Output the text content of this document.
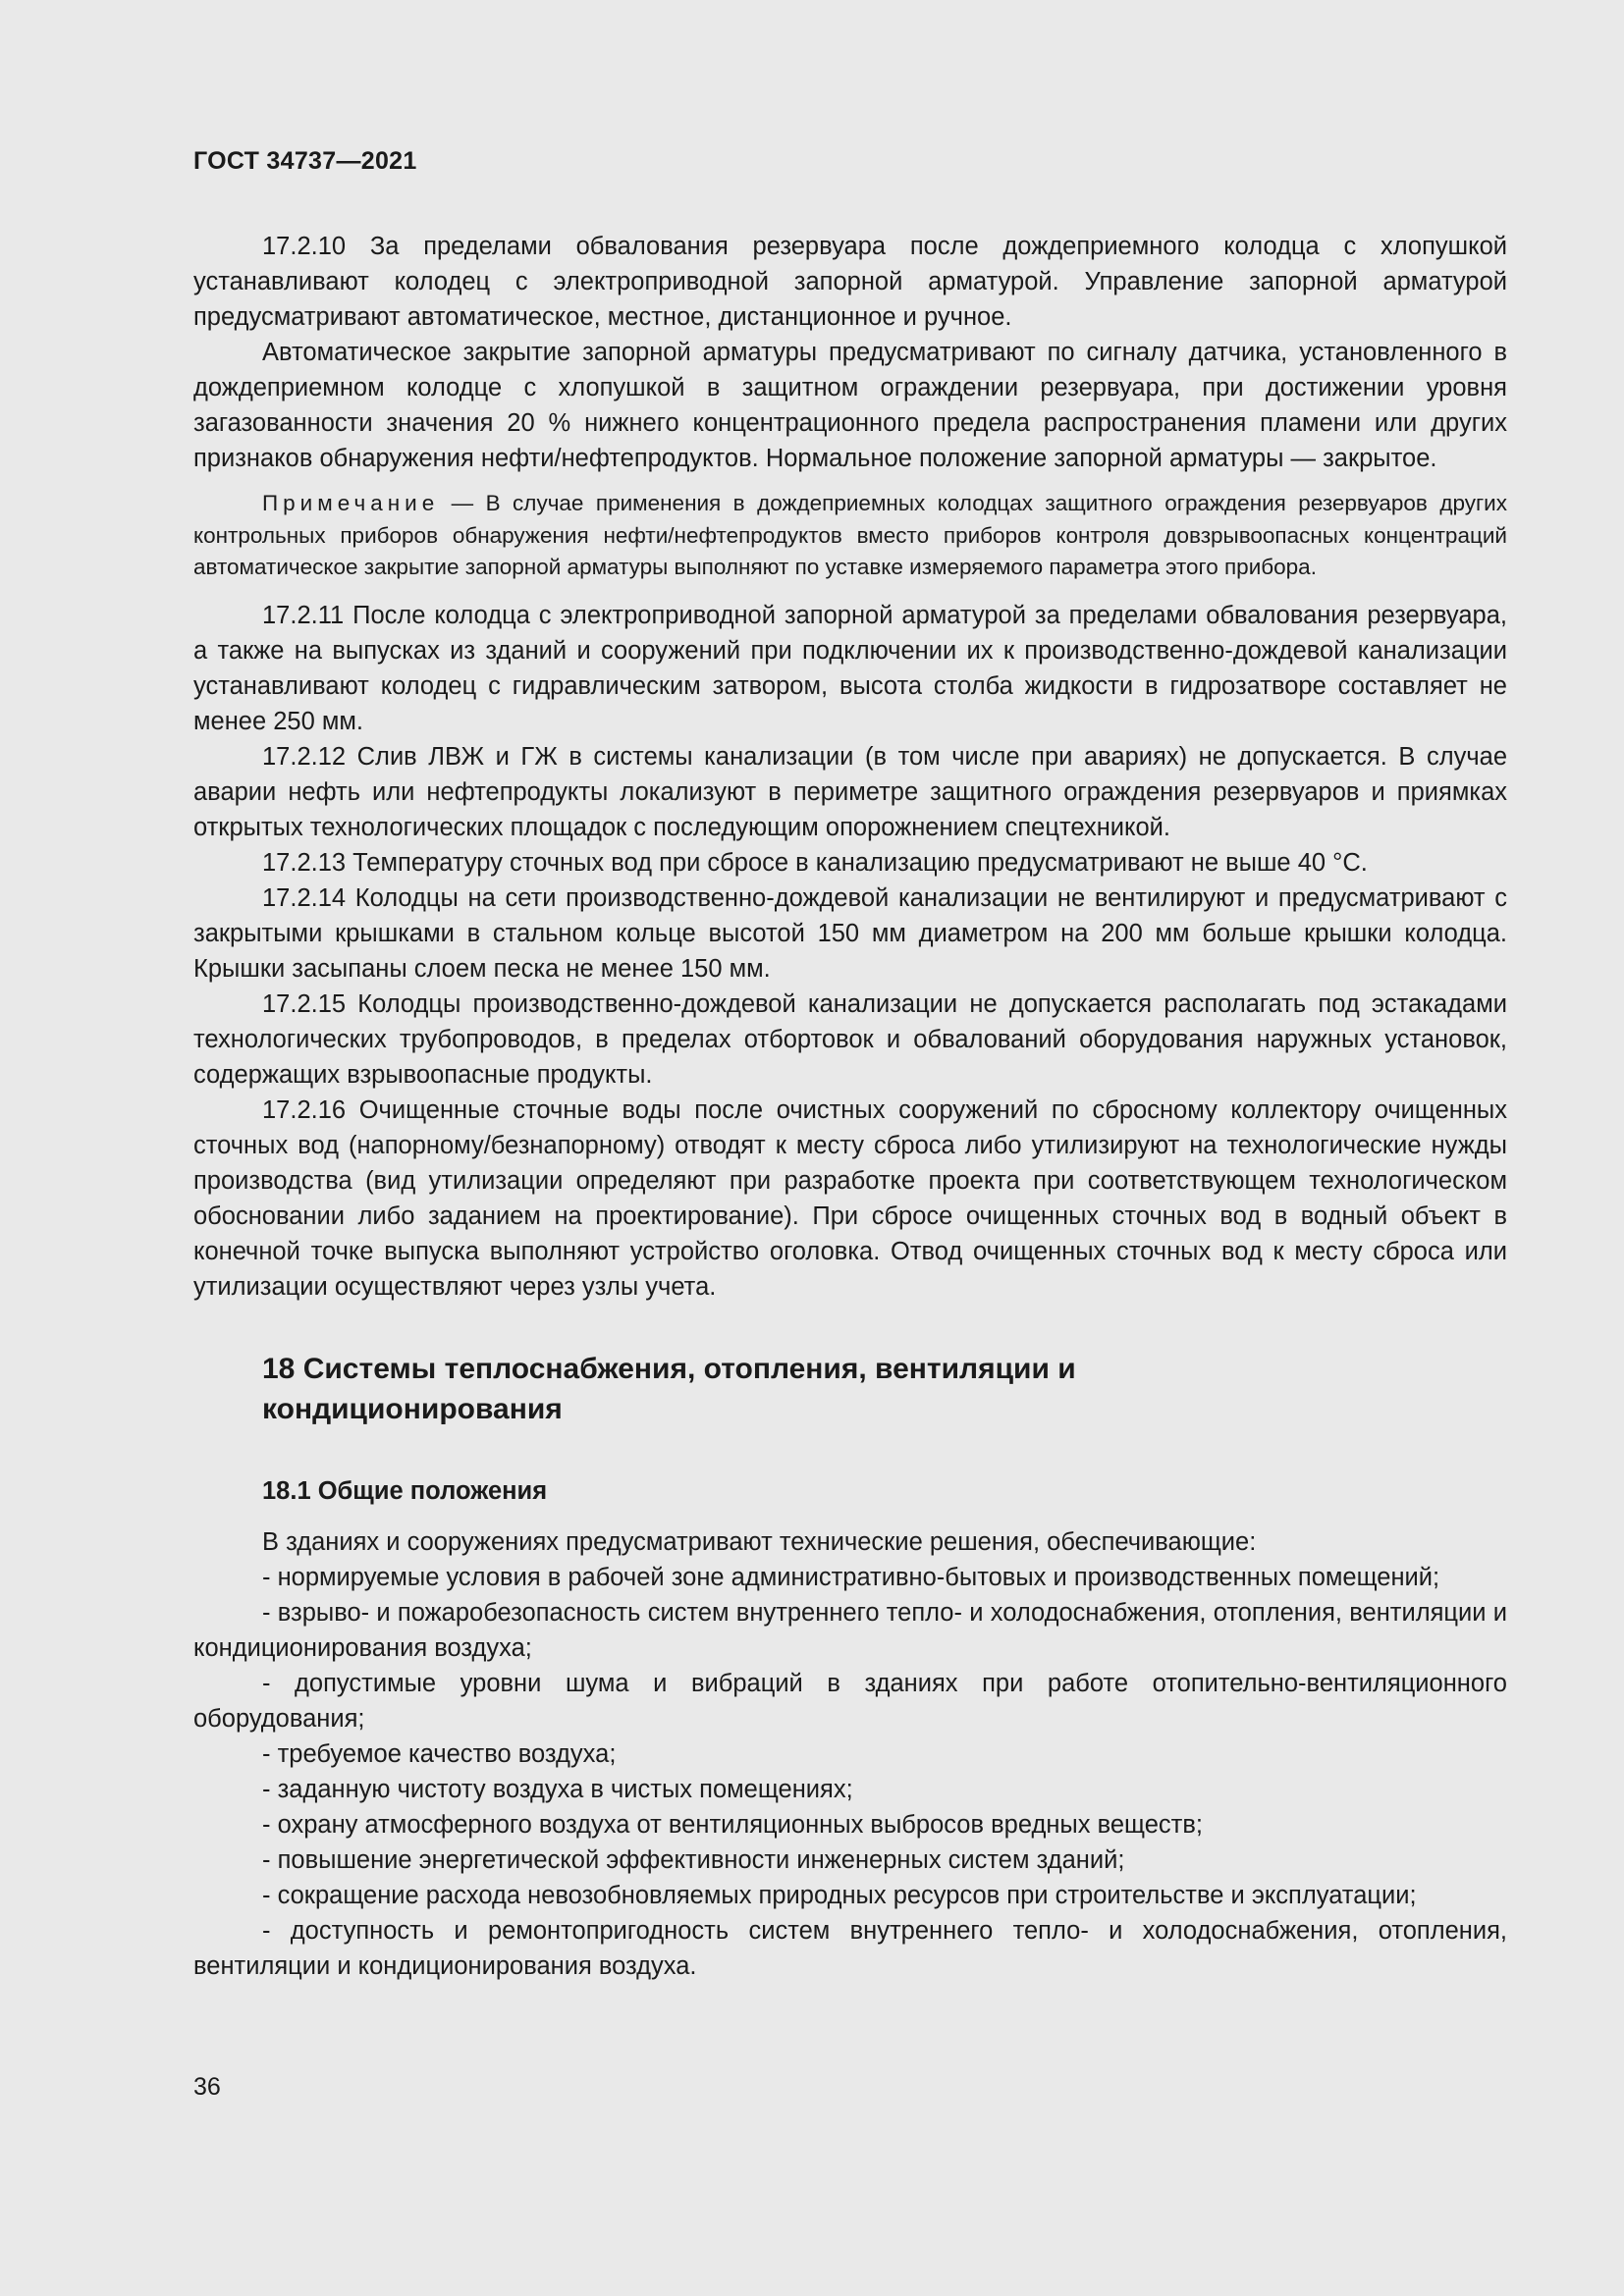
ГОСТ 34737—2021

17.2.10 За пределами обвалования резервуара после дождеприемного колодца с хлопушкой устанавливают колодец с электроприводной запорной арматурой. Управление запорной арматурой предусматривают автоматическое, местное, дистанционное и ручное.

Автоматическое закрытие запорной арматуры предусматривают по сигналу датчика, установленного в дождеприемном колодце с хлопушкой в защитном ограждении резервуара, при достижении уровня загазованности значения 20 % нижнего концентрационного предела распространения пламени или других признаков обнаружения нефти/нефтепродуктов. Нормальное положение запорной арматуры — закрытое.

Примечание — В случае применения в дождеприемных колодцах защитного ограждения резервуаров других контрольных приборов обнаружения нефти/нефтепродуктов вместо приборов контроля довзрывоопасных концентраций автоматическое закрытие запорной арматуры выполняют по уставке измеряемого параметра этого прибора.

17.2.11 После колодца с электроприводной запорной арматурой за пределами обвалования резервуара, а также на выпусках из зданий и сооружений при подключении их к производственно-дождевой канализации устанавливают колодец с гидравлическим затвором, высота столба жидкости в гидрозатворе составляет не менее 250 мм.

17.2.12 Слив ЛВЖ и ГЖ в системы канализации (в том числе при авариях) не допускается. В случае аварии нефть или нефтепродукты локализуют в периметре защитного ограждения резервуаров и приямках открытых технологических площадок с последующим опорожнением спецтехникой.

17.2.13 Температуру сточных вод при сбросе в канализацию предусматривают не выше 40 °С.

17.2.14 Колодцы на сети производственно-дождевой канализации не вентилируют и предусматривают с закрытыми крышками в стальном кольце высотой 150 мм диаметром на 200 мм больше крышки колодца. Крышки засыпаны слоем песка не менее 150 мм.

17.2.15 Колодцы производственно-дождевой канализации не допускается располагать под эстакадами технологических трубопроводов, в пределах отбортовок и обвалований оборудования наружных установок, содержащих взрывоопасные продукты.

17.2.16 Очищенные сточные воды после очистных сооружений по сбросному коллектору очищенных сточных вод (напорному/безнапорному) отводят к месту сброса либо утилизируют на технологические нужды производства (вид утилизации определяют при разработке проекта при соответствующем технологическом обосновании либо заданием на проектирование). При сбросе очищенных сточных вод в водный объект в конечной точке выпуска выполняют устройство оголовка. Отвод очищенных сточных вод к месту сброса или утилизации осуществляют через узлы учета.

18 Системы теплоснабжения, отопления, вентиляции и кондиционирования
18.1 Общие положения

В зданиях и сооружениях предусматривают технические решения, обеспечивающие:

- нормируемые условия в рабочей зоне административно-бытовых и производственных помещений;

- взрыво- и пожаробезопасность систем внутреннего тепло- и холодоснабжения, отопления, вентиляции и кондиционирования воздуха;

- допустимые уровни шума и вибраций в зданиях при работе отопительно-вентиляционного оборудования;

- требуемое качество воздуха;

- заданную чистоту воздуха в чистых помещениях;

- охрану атмосферного воздуха от вентиляционных выбросов вредных веществ;

- повышение энергетической эффективности инженерных систем зданий;

- сокращение расхода невозобновляемых природных ресурсов при строительстве и эксплуатации;

- доступность и ремонтопригодность систем внутреннего тепло- и холодоснабжения, отопления, вентиляции и кондиционирования воздуха.

36
